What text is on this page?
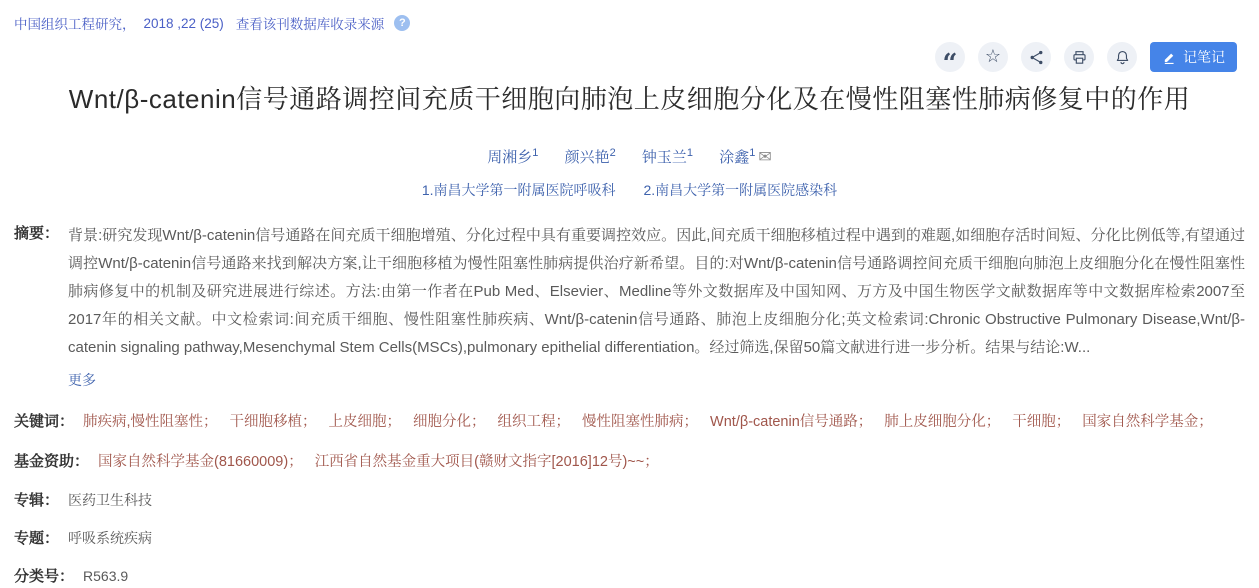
中国组织工程研究， 2018 ,22 (25) 查看该刊数据库收录来源	?
“ ☆	记笔记
Wnt/β-catenin信号通路调控间充质干细胞向肺泡上皮细胞分化及在慢性阻塞性肺病修复中的作用
周湘乡$^1$ 颜兴艳$^2$ 钟玉兰$^1$ 涂鑫$^1$ ✉
1.南昌大学第一附属医院呼吸科 2.南昌大学第一附属医院感染科
摘要： 背景:研究发现Wnt/β-catenin信号通路在间充质干细胞增殖、分化过程中具有重要调控效应。因此,间充质干细胞移植过程中遇到的难题,如细胞存活时间短、分化比例低等,有望通过调控Wnt/β-catenin信号通路来找到解决方案,让干细胞移植为慢性阻塞性肺病提供治疗新希望。目的:对Wnt/β-catenin信号通路调控间充质干细胞向肺泡上皮细胞分化在慢性阻塞性肺病修复中的机制及研究进展进行综述。方法:由第一作者在Pub Med、Elsevier、Medline等外文数据库及中国知网、万方及中国生物医学文献数据库等中文数据库检索2007至2017年的相关文献。中文检索词:间充质干细胞、慢性阻塞性肺疾病、Wnt/β-catenin信号通路、肺泡上皮细胞分化;英文检索词:Chronic Obstructive Pulmonary Disease,Wnt/β-catenin signaling pathway,Mesenchymal Stem Cells(MSCs),pulmonary epithelial differentiation。经过筛选,保留50篇文献进行进一步分析。结果与结论:W...
更多
关键词： 肺疾病,慢性阻塞性 ； 干细胞移植 ； 上皮细胞 ； 细胞分化 ； 组织工程 ； 慢性阻塞性肺病 ； Wnt/β-catenin信号通路 ； 肺上皮细胞分化 ； 干细胞 ； 国家自然科学基金 ；
基金资助： 国家自然科学基金(81660009) ； 江西省自然基金重大项目(赣财文指字[2016]12号)~~ ；
专辑： 医药卫生科技
专题： 呼吸系统疾病
分类号： R563.9
